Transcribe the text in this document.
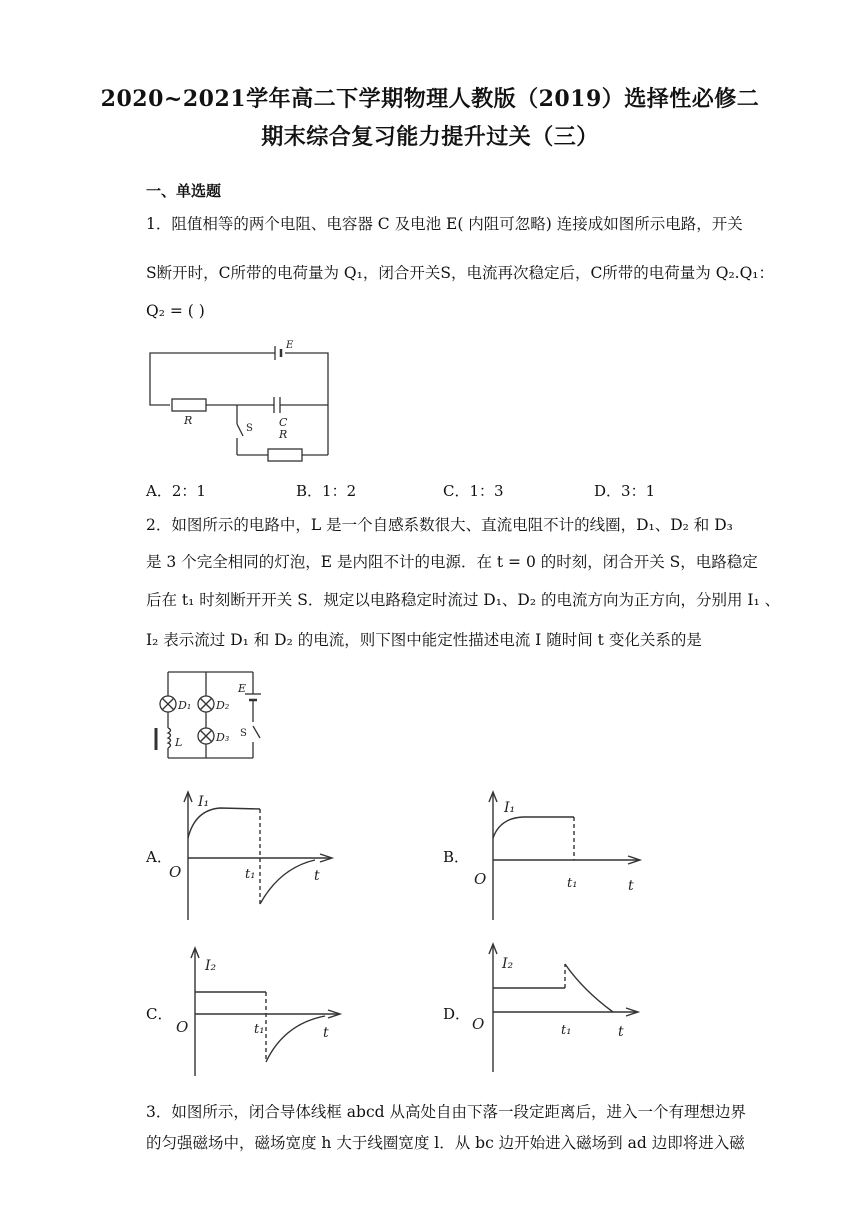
2020~2021学年高二下学期物理人教版（2019）选择性必修二
期末综合复习能力提升过关（三）
一、单选题
1．阻值相等的两个电阻、电容器 C 及电池 E( 内阻可忽略) 连接成如图所示电路，开关
S断开时，C所带的电荷量为 Q₁，闭合开关S，电流再次稳定后，C所带的电荷量为 Q₂.Q₁：
Q₂ = ( )
E
R
S C
R
A．2：1	B．1：2	C．1：3	D．3：1
2．如图所示的电路中，L 是一个自感系数很大、直流电阻不计的线圈，D₁、D₂ 和 D₃
是 3 个完全相同的灯泡，E 是内阻不计的电源．在 t = 0 的时刻，闭合开关 S，电路稳定
后在 t₁ 时刻断开开关 S．规定以电路稳定时流过 D₁、D₂ 的电流方向为正方向，分别用 I₁ 、
I₂ 表示流过 D₁ 和 D₂ 的电流，则下图中能定性描述电流 I 随时间 t 变化关系的是
D₁ D₂
D₃
L
E
S
A．	B．
C．	D．
I₁
O	t₁	t
I₁
O	t₁	t
I₂
O	t₁	t
I₂
O	t₁	t
3．如图所示，闭合导体线框 abcd 从高处自由下落一段定距离后，进入一个有理想边界
的匀强磁场中，磁场宽度 h 大于线圈宽度 l．从 bc 边开始进入磁场到 ad 边即将进入磁
